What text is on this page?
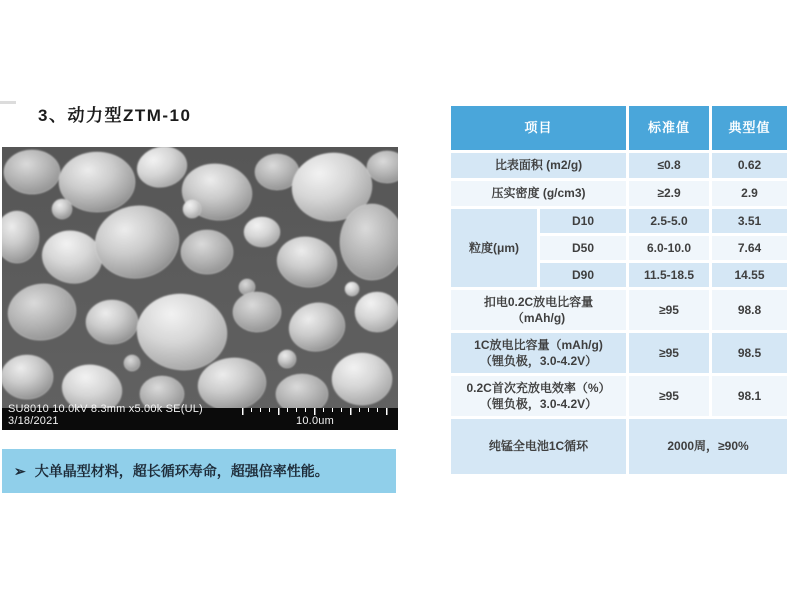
3、动力型ZTM-10
SU8010 10.0kV 8.3mm x5.00k SE(UL) 3/18/2021	10.0um
➢ 大单晶型材料，超长循环寿命，超强倍率性能。
项目		标准值	典型值
比表面积 (m2/g)		≤0.8	0.62
压实密度 (g/cm3)		≥2.9	2.9
粒度(μm)	D10	2.5-5.0	3.51
	D50	6.0-10.0	7.64
	D90	11.5-18.5	14.55

扣电0.2C放电比容量
（mAh/g)		≥95	98.8

1C放电比容量（mAh/g)
（锂负极，3.0-4.2V）		≥95	98.5

0.2C首次充放电效率（%）
（锂负极，3.0-4.2V）		≥95	98.1
纯锰全电池1C循环		2000周，≥90%	
